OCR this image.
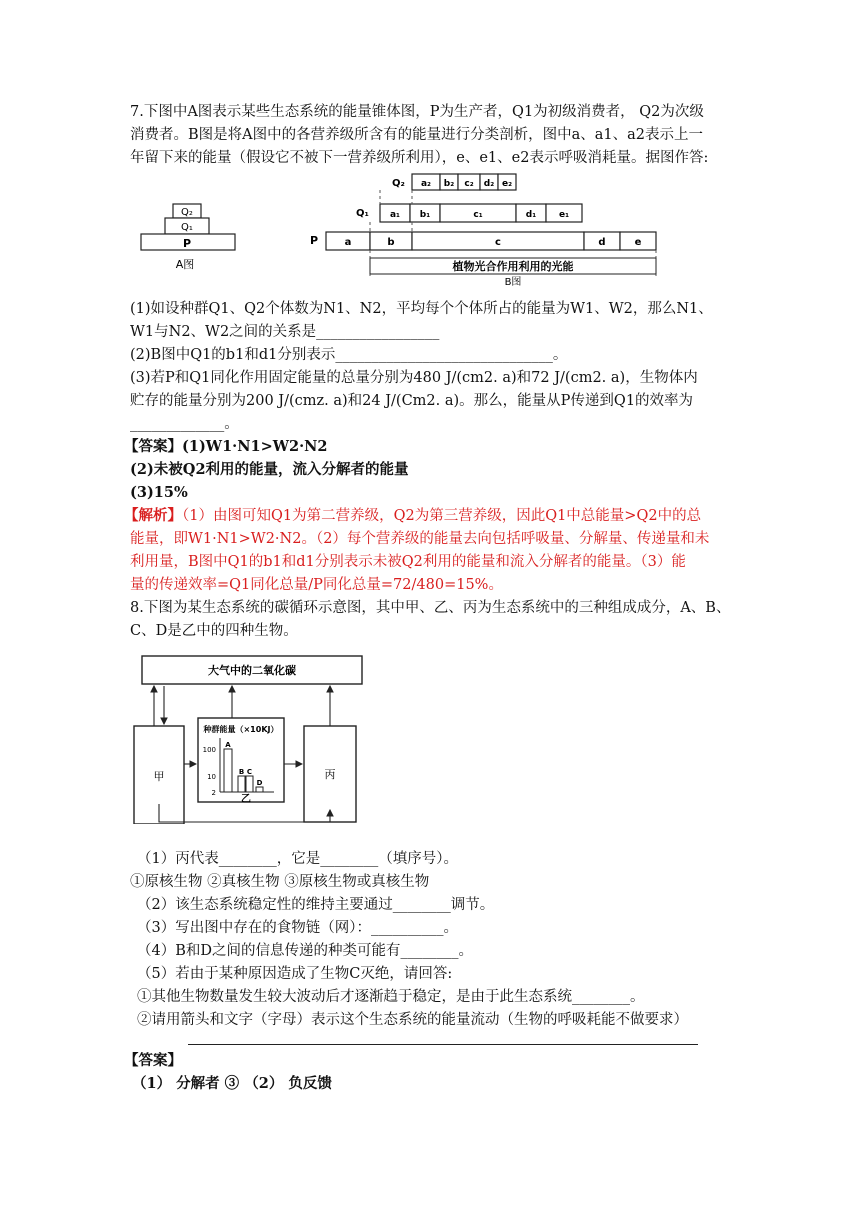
7.下图中A图表示某些生态系统的能量锥体图，P为生产者，Q1为初级消费者， Q2为次级
消费者。B图是将A图中的各营养级所含有的能量进行分类剖析，图中a、a1、a2表示上一
年留下来的能量（假设它不被下一营养级所利用），e、e1、e2表示呼吸消耗量。据图作答:
Q₂
Q₁
P
A图
Q₂ a₂ b₂ c₂ d₂ e₂
Q₁ a₁ b₁	c₁	d₁	e₁
P	a	b	c	d	e
植物光合作用利用的光能
B图
(1)如设种群Q1、Q2个体数为N1、N2，平均每个个体所占的能量为W1、W2，那么N1、
W1与N2、W2之间的关系是_________________
(2)B图中Q1的b1和d1分别表示______________________________。
(3)若P和Q1同化作用固定能量的总量分别为480 J/(cm2. a)和72 J/(cm2. a)，生物体内
贮存的能量分别为200 J/(cmz. a)和24 J/(Cm2. a)。那么，能量从P传递到Q1的效率为
_____________。
【答案】(1)W1·N1>W2·N2
(2)未被Q2利用的能量，流入分解者的能量
(3)15%
【解析】（1）由图可知Q1为第二营养级，Q2为第三营养级，因此Q1中总能量>Q2中的总
能量，即W1·N1>W2·N2。（2）每个营养级的能量去向包括呼吸量、分解量、传递量和未
利用量，B图中Q1的b1和d1分别表示未被Q2利用的能量和流入分解者的能量。（3）能
量的传递效率=Q1同化总量/P同化总量=72/480=15%。
8.下图为某生态系统的碳循环示意图，其中甲、乙、丙为生态系统中的三种组成成分，A、B、
C、D是乙中的四种生物。
大气中的二氧化碳
甲	丙
种群能量（×10KJ）
100
10
2
A
B C
D
乙
（1）丙代表________，它是________（填序号）。
①原核生物 ②真核生物 ③原核生物或真核生物
（2）该生态系统稳定性的维持主要通过________调节。
（3）写出图中存在的食物链（网）：__________。
（4）B和D之间的信息传递的种类可能有________。
（5）若由于某种原因造成了生物C灭绝，请回答:
①其他生物数量发生较大波动后才逐渐趋于稳定，是由于此生态系统________。
②请用箭头和文字（字母）表示这个生态系统的能量流动（生物的呼吸耗能不做要求）
【答案】
（1） 分解者 ③ （2） 负反馈
